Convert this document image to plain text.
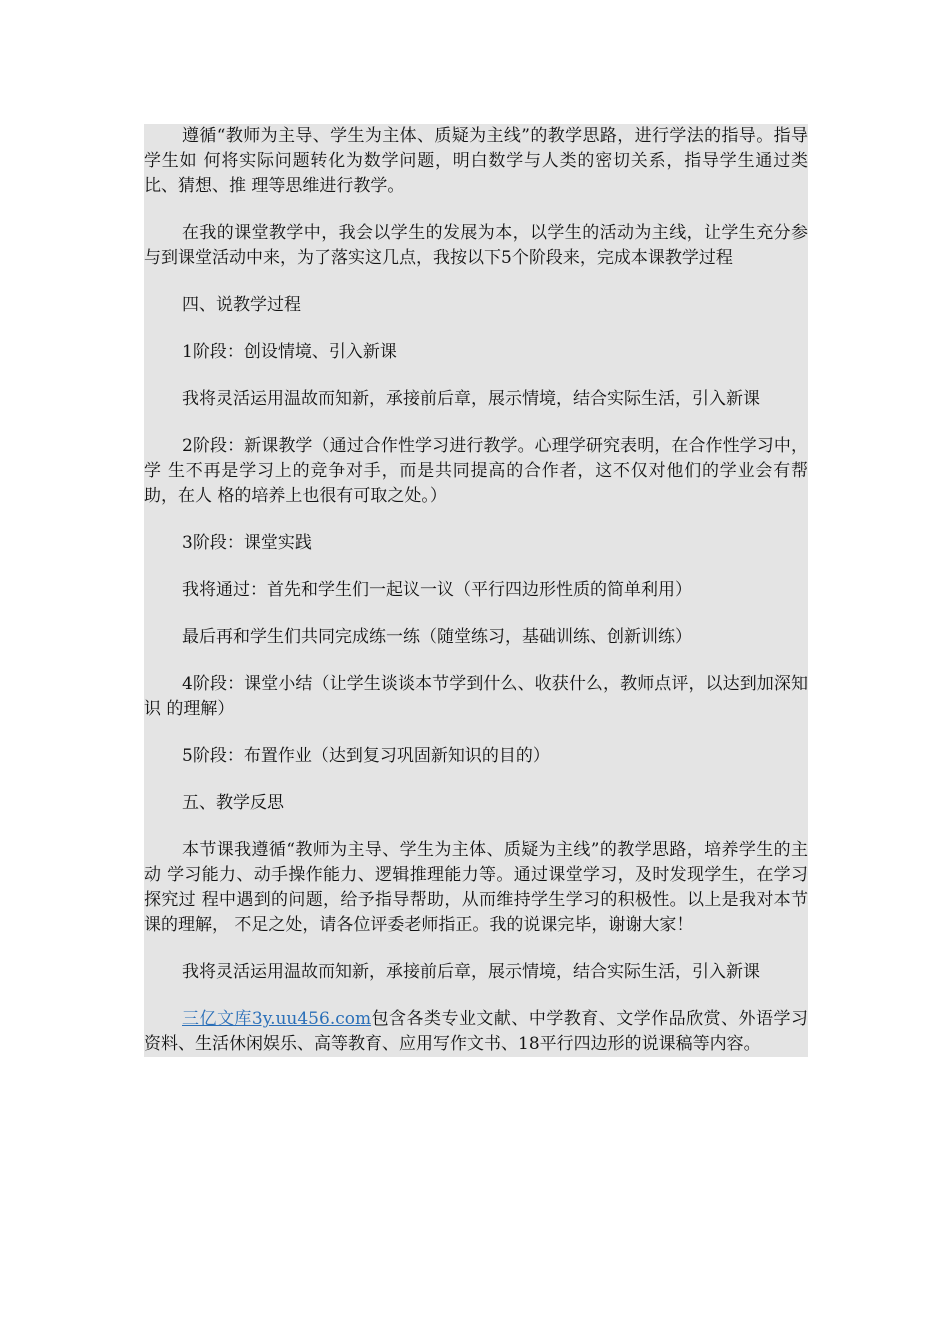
遵循“教师为主导、学生为主体、质疑为主线”的教学思路，进行学法的指导。指导学生如 何将实际问题转化为数学问题，明白数学与人类的密切关系，指导学生通过类比、猜想、推 理等思维进行教学。

在我的课堂教学中，我会以学生的发展为本，以学生的活动为主线，让学生充分参与到课堂活动中来，为了落实这几点，我按以下5个阶段来，完成本课教学过程

四、说教学过程

1阶段：创设情境、引入新课

我将灵活运用温故而知新，承接前后章，展示情境，结合实际生活，引入新课

2阶段：新课教学（通过合作性学习进行教学。心理学研究表明，在合作性学习中，学 生不再是学习上的竞争对手，而是共同提高的合作者，这不仅对他们的学业会有帮助，在人 格的培养上也很有可取之处。）

3阶段：课堂实践

我将通过：首先和学生们一起议一议（平行四边形性质的简单利用）

最后再和学生们共同完成练一练（随堂练习，基础训练、创新训练）

4阶段：课堂小结（让学生谈谈本节学到什么、收获什么，教师点评，以达到加深知识 的理解）

5阶段：布置作业（达到复习巩固新知识的目的）

五、教学反思

本节课我遵循“教师为主导、学生为主体、质疑为主线”的教学思路，培养学生的主动 学习能力、动手操作能力、逻辑推理能力等。通过课堂学习，及时发现学生，在学习探究过 程中遇到的问题，给予指导帮助，从而维持学生学习的积极性。以上是我对本节课的理解， 不足之处，请各位评委老师指正。我的说课完毕，谢谢大家！

我将灵活运用温故而知新，承接前后章，展示情境，结合实际生活，引入新课

三亿文库3y.uu456.com包含各类专业文献、中学教育、文学作品欣赏、外语学习资料、生活休闲娱乐、高等教育、应用写作文书、18平行四边形的说课稿等内容。
